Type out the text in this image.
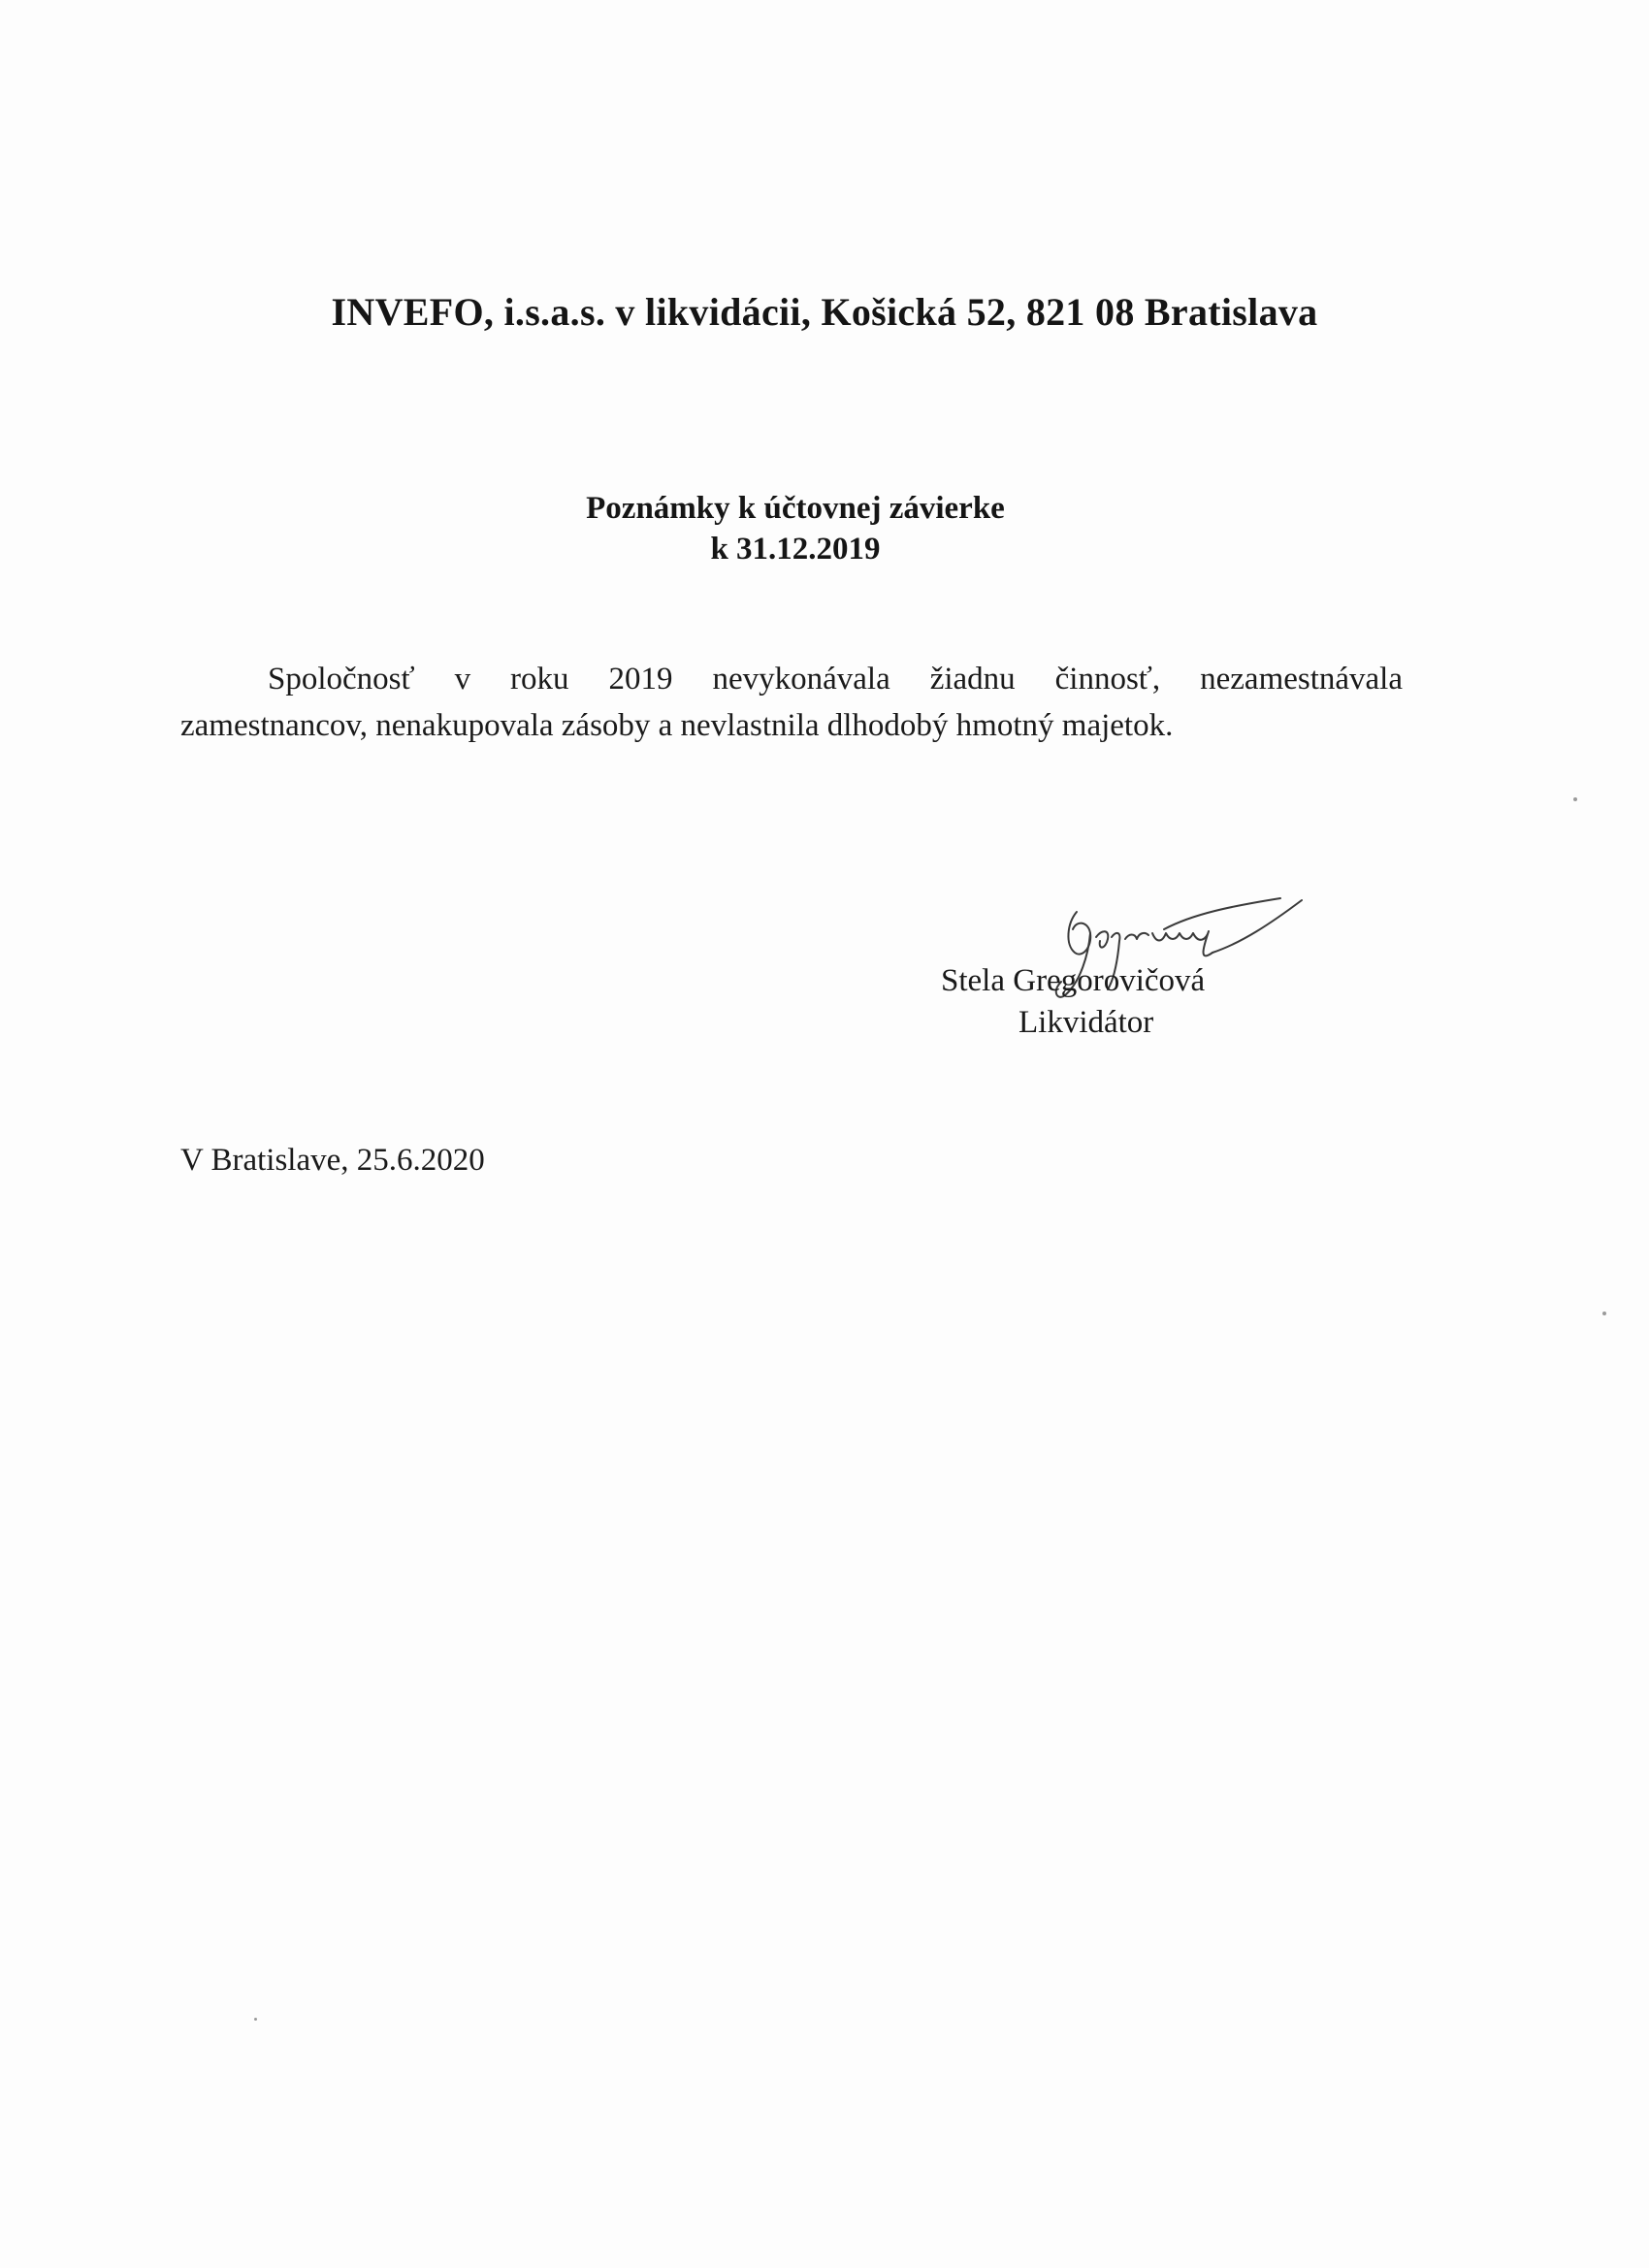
INVEFO, i.s.a.s. v likvidácii, Košická 52, 821 08 Bratislava
Poznámky k účtovnej závierke
k 31.12.2019
Spoločnosť v roku 2019 nevykonávala žiadnu činnosť, nezamestnávala
zamestnancov, nenakupovala zásoby a nevlastnila dlhodobý hmotný majetok.
Stela Gregorovičová
Likvidátor
V Bratislave, 25.6.2020
